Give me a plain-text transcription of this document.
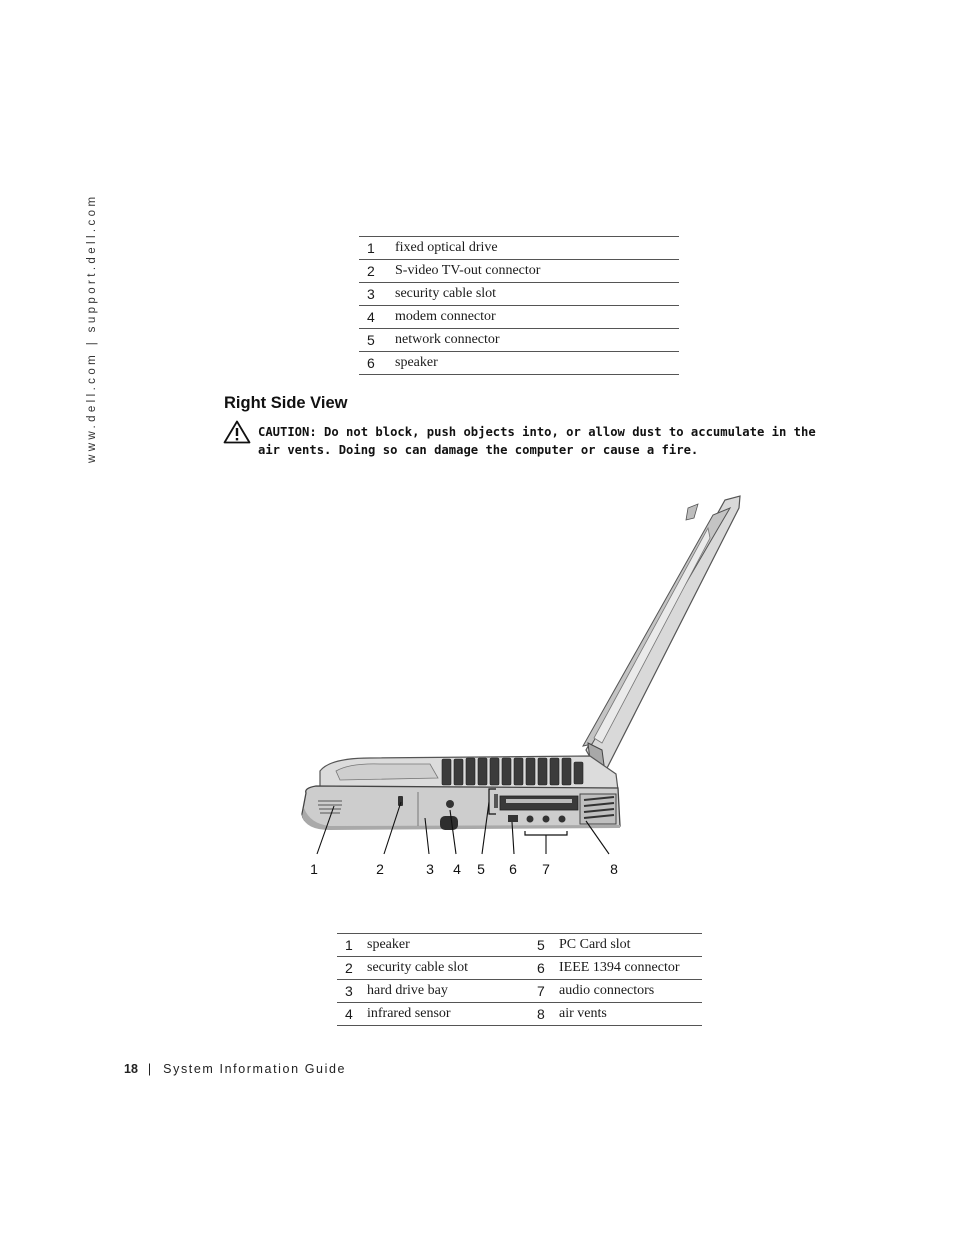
www.dell.com | support.dell.com	1	fixed optical drive
2	S-video TV-out connector
3	security cable slot
4	modem connector
5	network connector
6	speaker
Right Side View

CAUTION: Do not block, push objects into, or allow dust to accumulate in the air vents. Doing so can damage the computer or cause a fire.

1	2	3 4 5 6 7	8
1	speaker	5	PC Card slot
2	security cable slot	6	IEEE 1394 connector
3	hard drive bay	7	audio connectors
4	infrared sensor	8	air vents
18 | System Information Guide
